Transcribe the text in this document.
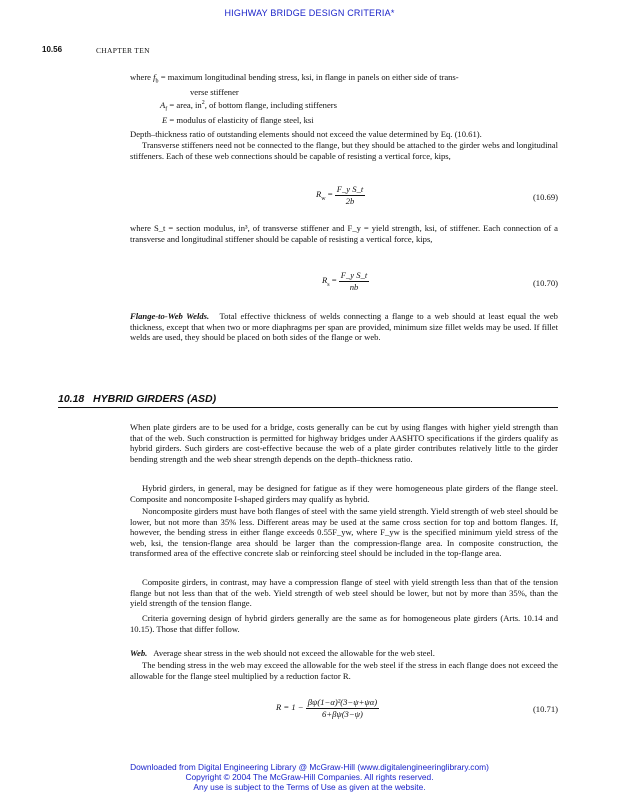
HIGHWAY BRIDGE DESIGN CRITERIA*
10.56	CHAPTER TEN
where $f_b$ = maximum longitudinal bending stress, ksi, in flange in panels on either side of trans-
verse stiffener
$A_f$ = area, $in^2$, of bottom flange, including stiffeners
E = modulus of elasticity of flange steel, ksi
Depth–thickness ratio of outstanding elements should not exceed the value determined by Eq. (10.61).
Transverse stiffeners need not be connected to the flange, but they should be attached to the girder webs and longitudinal stiffeners. Each of these web connections should be capable of resisting a vertical force, kips,
$R_w = \frac{\text{F\_y S\_t}}{2b}$	(10.69)
where S_t = section modulus, in³, of transverse stiffener and F_y = yield strength, ksi, of stiffener. Each connection of a transverse and longitudinal stiffener should be capable of resisting a vertical force, kips,
$R_s = \frac{\text{F\_y S\_t}}{nb}$	(10.70)
Flange-to-Web Welds. Total effective thickness of welds connecting a flange to a web should at least equal the web thickness, except that when two or more diaphragms per span are provided, minimum size fillet welds may be used. If fillet welds are used, they should be placed on both sides of the flange or web.
10.18 HYBRID GIRDERS (ASD)
When plate girders are to be used for a bridge, costs generally can be cut by using flanges with higher yield strength than that of the web. Such construction is permitted for highway bridges under AASHTO specifications if the girders qualify as hybrid girders. Such girders are cost-effective because the web of a plate girder contributes relatively little to the girder bending strength and the web shear strength depends on the depth–thickness ratio.
Hybrid girders, in general, may be designed for fatigue as if they were homogeneous plate girders of the flange steel. Composite and noncomposite I-shaped girders may qualify as hybrid.
Noncomposite girders must have both flanges of steel with the same yield strength. Yield strength of web steel should be lower, but not more than 35% less. Different areas may be used at the same cross section for top and bottom flanges. If, however, the bending stress in either flange exceeds 0.55F_yw, where F_yw is the specified minimum yield stress of the web, ksi, the tension-flange area should be larger than the compression-flange area. In composite construction, the transformed area of the effective concrete slab or reinforcing steel should be included in the top-flange area.
Composite girders, in contrast, may have a compression flange of steel with yield strength less than that of the tension flange but not less than that of the web. Yield strength of web steel should be lower, but not by more than 35%, than the yield strength of the tension flange.
Criteria governing design of hybrid girders generally are the same as for homogeneous plate girders (Arts. 10.14 and 10.15). Those that differ follow.
Web. Average shear stress in the web should not exceed the allowable for the web steel.
The bending stress in the web may exceed the allowable for the web steel if the stress in each flange does not exceed the allowable for the flange steel multiplied by a reduction factor R.
$R = 1 - \frac{\text{βψ(1−α)²(3−ψ+ψα)}}{6+\beta\psi(3-\psi)}$	(10.71)
Downloaded from Digital Engineering Library @ McGraw-Hill (www.digitalengineeringlibrary.com)
Copyright © 2004 The McGraw-Hill Companies. All rights reserved.
Any use is subject to the Terms of Use as given at the website.
